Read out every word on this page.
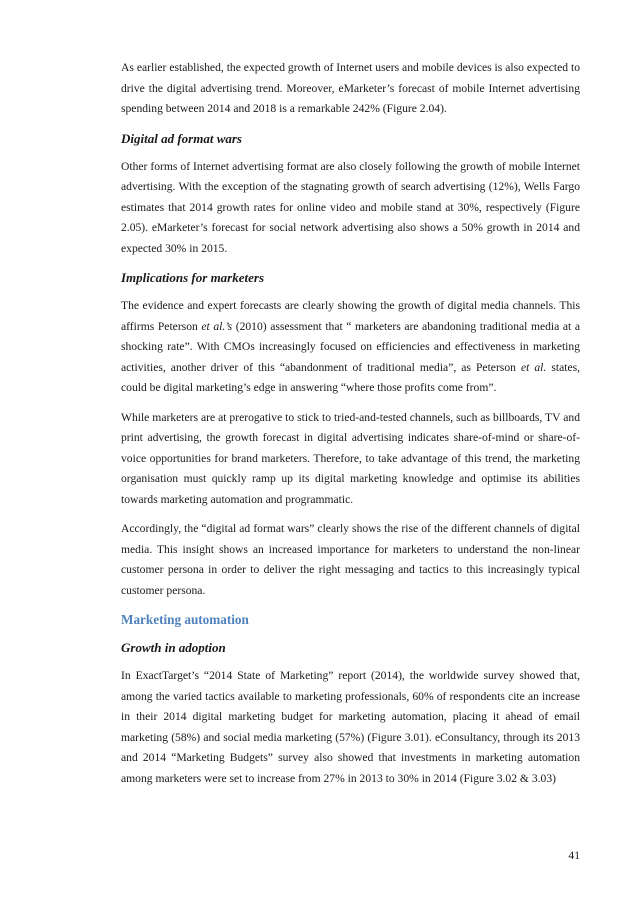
As earlier established, the expected growth of Internet users and mobile devices is also expected to drive the digital advertising trend. Moreover, eMarketer’s forecast of mobile Internet advertising spending between 2014 and 2018 is a remarkable 242% (Figure 2.04).

Digital ad format wars

Other forms of Internet advertising format are also closely following the growth of mobile Internet advertising. With the exception of the stagnating growth of search advertising (12%), Wells Fargo estimates that 2014 growth rates for online video and mobile stand at 30%, respectively (Figure 2.05). eMarketer’s forecast for social network advertising also shows a 50% growth in 2014 and expected 30% in 2015.

Implications for marketers

The evidence and expert forecasts are clearly showing the growth of digital media channels. This affirms Peterson et al.’s (2010) assessment that “ marketers are abandoning traditional media at a shocking rate”. With CMOs increasingly focused on efficiencies and effectiveness in marketing activities, another driver of this “abandonment of traditional media”, as Peterson et al. states, could be digital marketing’s edge in answering “where those profits come from”.

While marketers are at prerogative to stick to tried-and-tested channels, such as billboards, TV and print advertising, the growth forecast in digital advertising indicates share-of-mind or share-of-voice opportunities for brand marketers. Therefore, to take advantage of this trend, the marketing organisation must quickly ramp up its digital marketing knowledge and optimise its abilities towards marketing automation and programmatic.

Accordingly, the “digital ad format wars” clearly shows the rise of the different channels of digital media. This insight shows an increased importance for marketers to understand the non-linear customer persona in order to deliver the right messaging and tactics to this increasingly typical customer persona.

Marketing automation
Growth in adoption

In ExactTarget’s “2014 State of Marketing” report (2014), the worldwide survey showed that, among the varied tactics available to marketing professionals, 60% of respondents cite an increase in their 2014 digital marketing budget for marketing automation, placing it ahead of email marketing (58%) and social media marketing (57%) (Figure 3.01). eConsultancy, through its 2013 and 2014 “Marketing Budgets” survey also showed that investments in marketing automation among marketers were set to increase from 27% in 2013 to 30% in 2014 (Figure 3.02 & 3.03)

41
